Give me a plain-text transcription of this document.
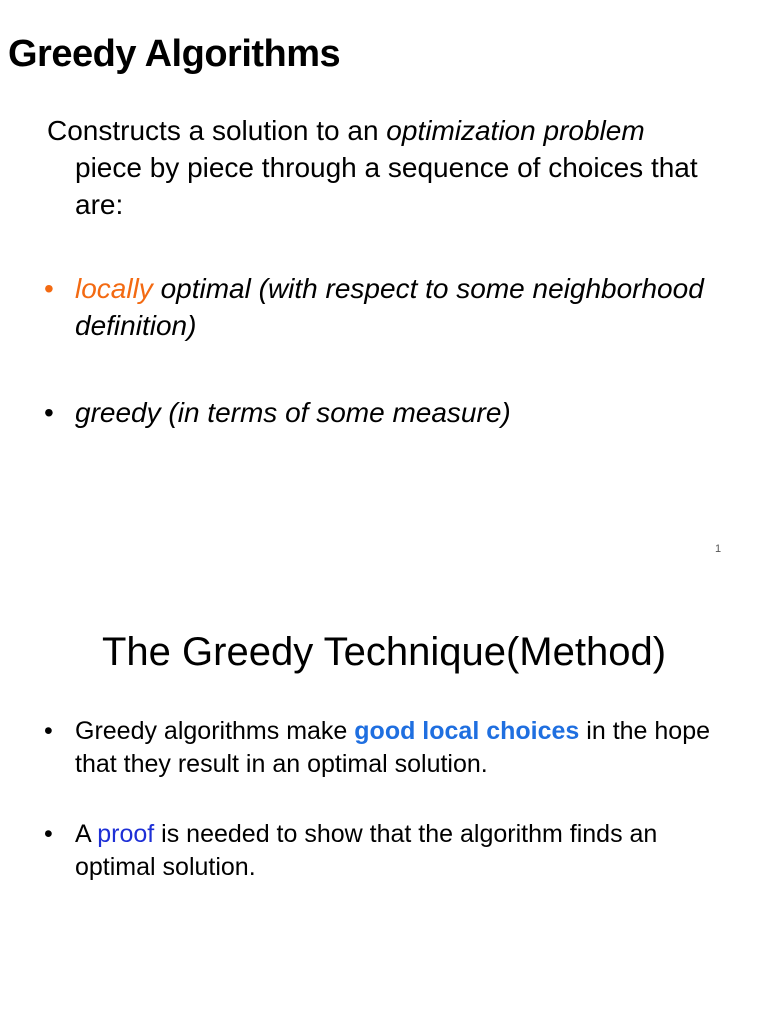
Greedy Algorithms
Constructs a solution to an optimization problem
piece by piece through a sequence of choices that are:
• locally optimal (with respect to some neighborhood definition)
• greedy (in terms of some measure)
1
The Greedy Technique(Method)
• Greedy algorithms make good local choices in the hope that they result in an optimal solution.
• A proof is needed to show that the algorithm finds an optimal solution.
